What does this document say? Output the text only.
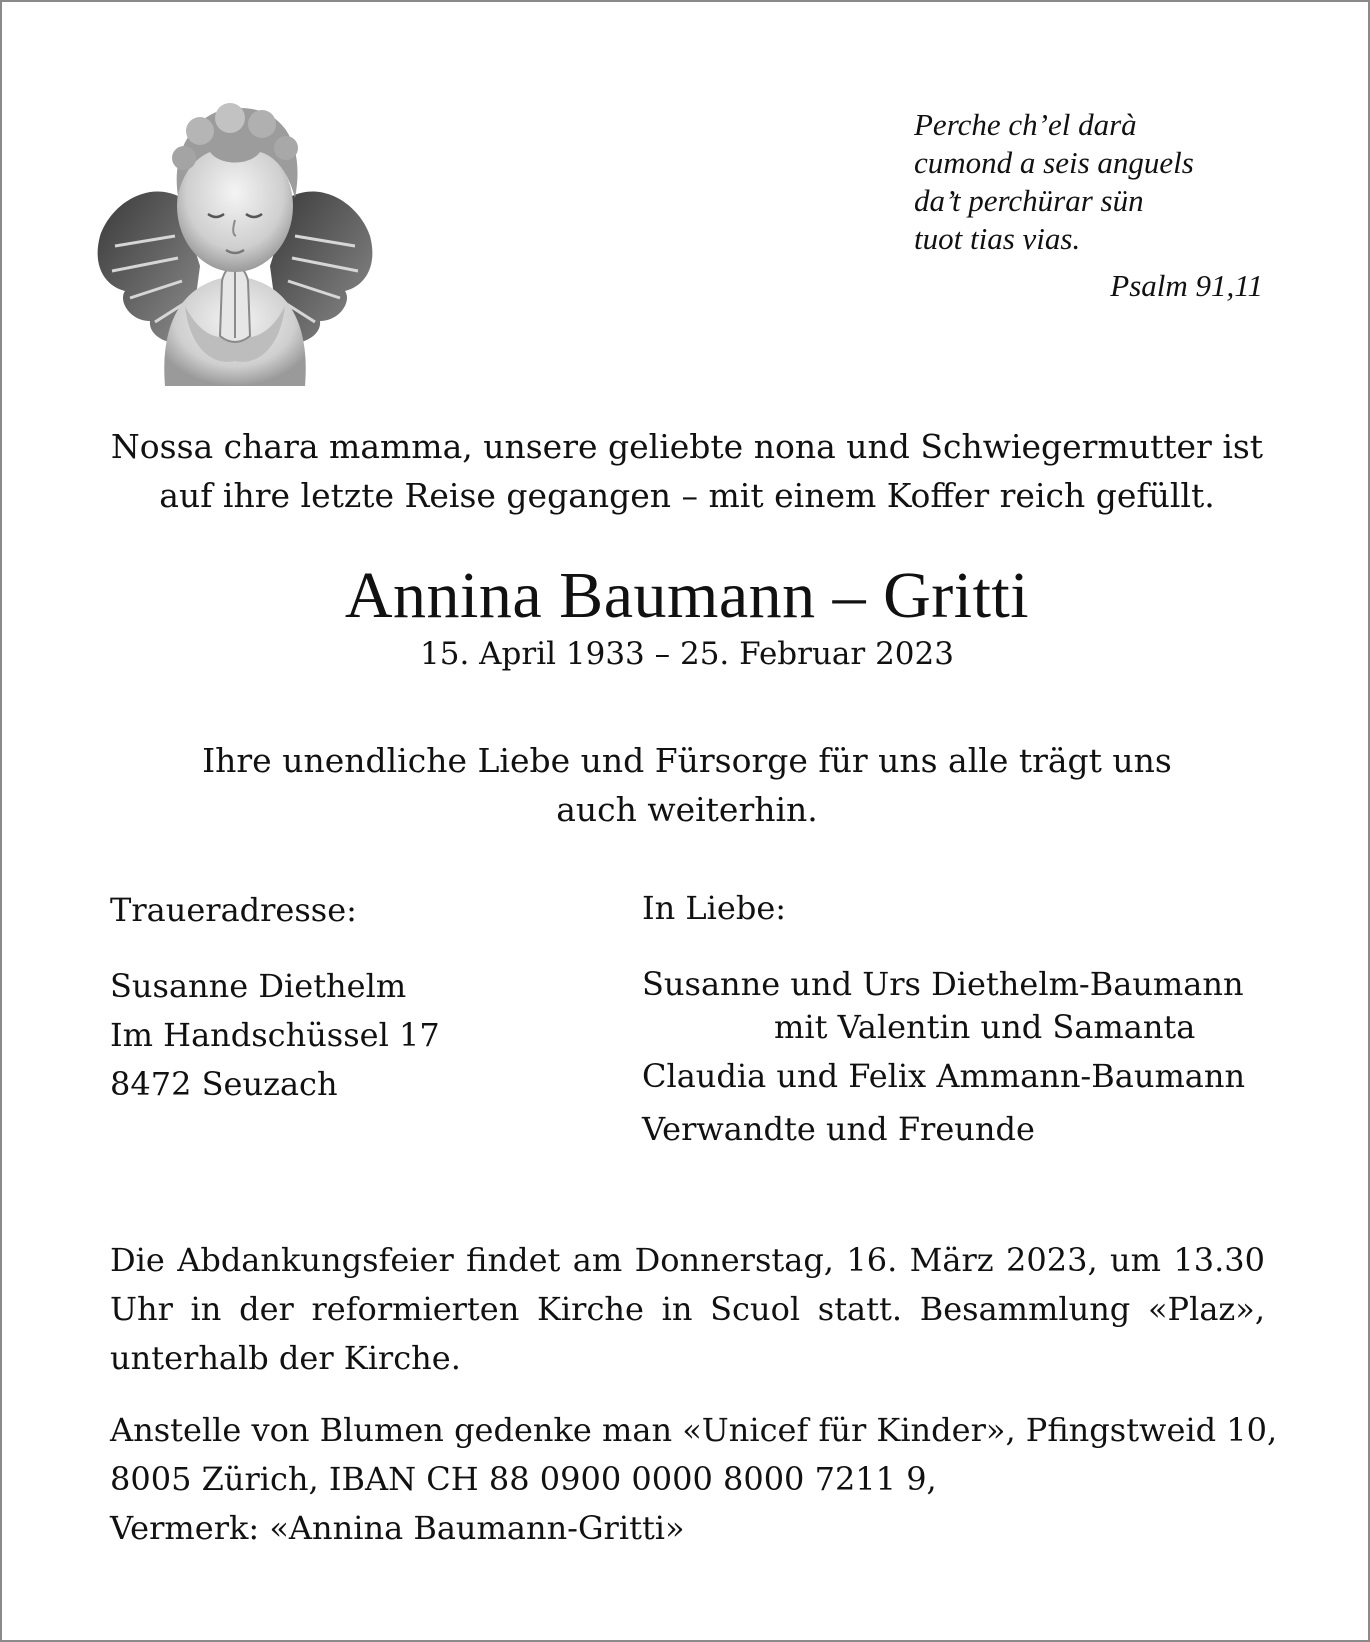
Perche ch’el darà
cumond a seis anguels
da’t perchürar sün
tuot tias vias.
Psalm 91,11
Nossa chara mamma, unsere geliebte nona und Schwiegermutter ist
auf ihre letzte Reise gegangen – mit einem Koffer reich gefüllt.
Annina Baumann – Gritti
15. April 1933 – 25. Februar 2023
Ihre unendliche Liebe und Fürsorge für uns alle trägt uns
auch weiterhin.
Traueradresse:
Susanne Diethelm
Im Handschüssel 17
8472 Seuzach
In Liebe:
Susanne und Urs Diethelm-Baumann
mit Valentin und Samanta
Claudia und Felix Ammann-Baumann
Verwandte und Freunde
Die Abdankungsfeier findet am Donnerstag, 16. März 2023, um 13.30 Uhr in der reformierten Kirche in Scuol statt. Besammlung «Plaz», unterhalb der Kirche.
Anstelle von Blumen gedenke man «Unicef für Kinder», Pfingstweid 10,
8005 Zürich, IBAN CH 88 0900 0000 8000 7211 9,
Vermerk: «Annina Baumann-Gritti»
